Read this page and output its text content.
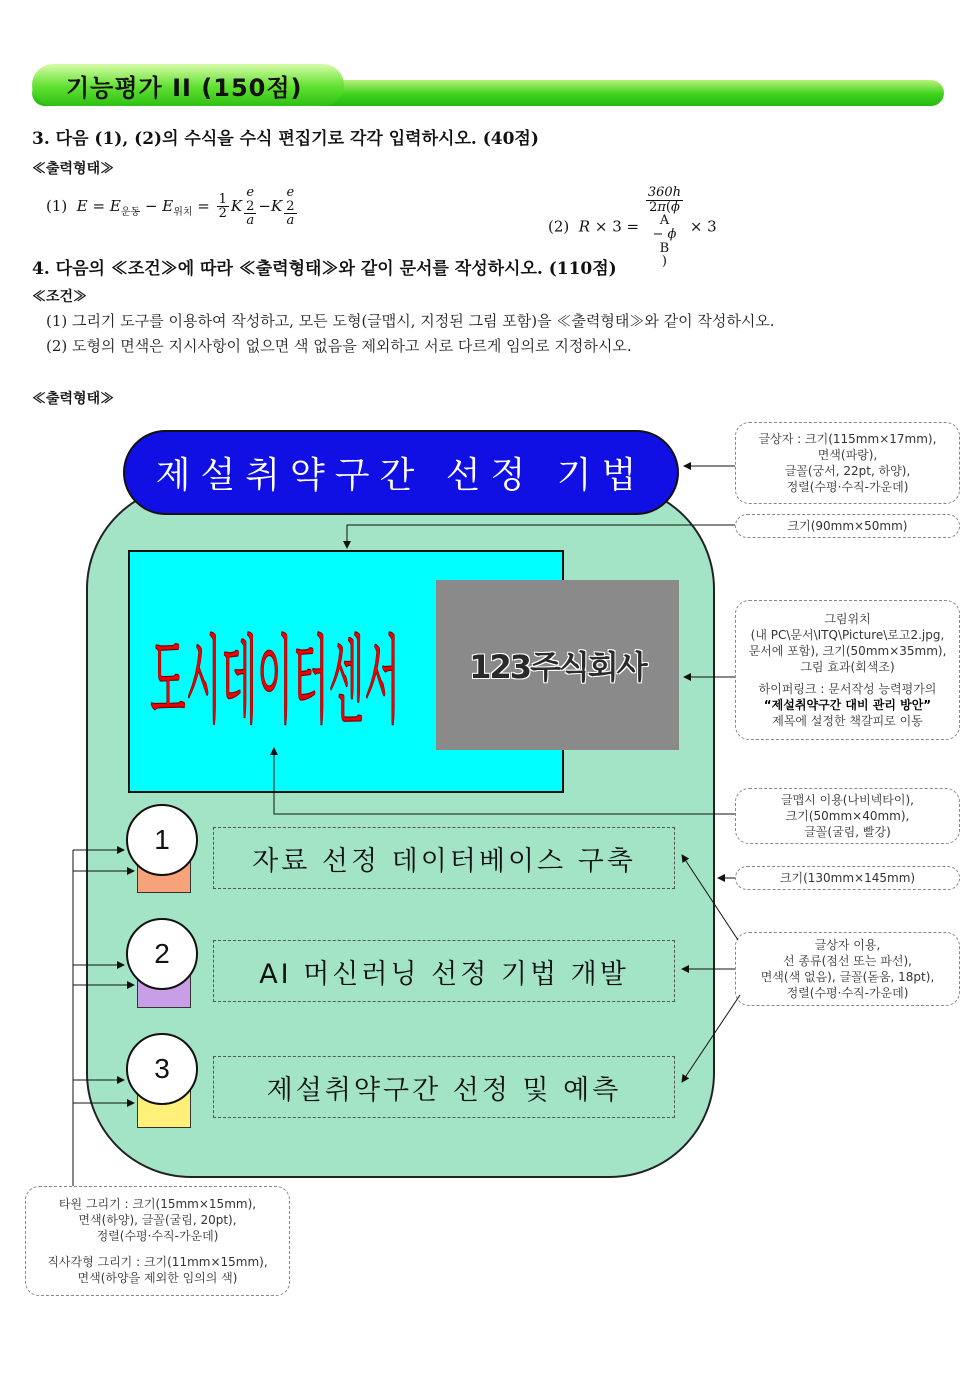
기능평가 II (150점)
3. 다음 (1), (2)의 수식을 수식 편집기로 각각 입력하시오. (40점)
≪출력형태≫
(1) $E = E_{운동} - E_{위치} = \frac{1}{2}$ K e
2
a −K e
2
a	(2) R × 3 = 360h
2π(ϕ
A
− ϕ
B
) × 3
4. 다음의 ≪조건≫에 따라 ≪출력형태≫와 같이 문서를 작성하시오. (110점)
≪조건≫
(1) 그리기 도구를 이용하여 작성하고, 모든 도형(글맵시, 지정된 그림 포함)을 ≪출력형태≫와 같이 작성하시오.
(2) 도형의 면색은 지시사항이 없으면 색 없음을 제외하고 서로 다르게 임의로 지정하시오.
≪출력형태≫
제설취약구간 선정 기법
도시데이터센서 123주식회사
1
자료 선정 데이터베이스 구축
2
AI 머신러닝 선정 기법 개발
3
제설취약구간 선정 및 예측
글상자 : 크기(115mm×17mm),
면색(파랑),
글꼴(궁서, 22pt, 하양),
정렬(수평·수직-가운데)
크기(90mm×50mm)
그림위치
(내 PC\문서\ITQ\Picture\로고2.jpg,
문서에 포함), 크기(50mm×35mm),
그림 효과(회색조)
하이퍼링크 : 문서작성 능력평가의
“제설취약구간 대비 관리 방안”
제목에 설정한 책갈피로 이동
글맵시 이용(나비넥타이),
크기(50mm×40mm),
글꼴(굴림, 빨강)
크기(130mm×145mm)
글상자 이용,
선 종류(점선 또는 파선),
면색(색 없음), 글꼴(돋움, 18pt),
정렬(수평·수직-가운데)
타원 그리기 : 크기(15mm×15mm),
면색(하양), 글꼴(굴림, 20pt),
정렬(수평·수직-가운데)
직사각형 그리기 : 크기(11mm×15mm),
면색(하양을 제외한 임의의 색)
